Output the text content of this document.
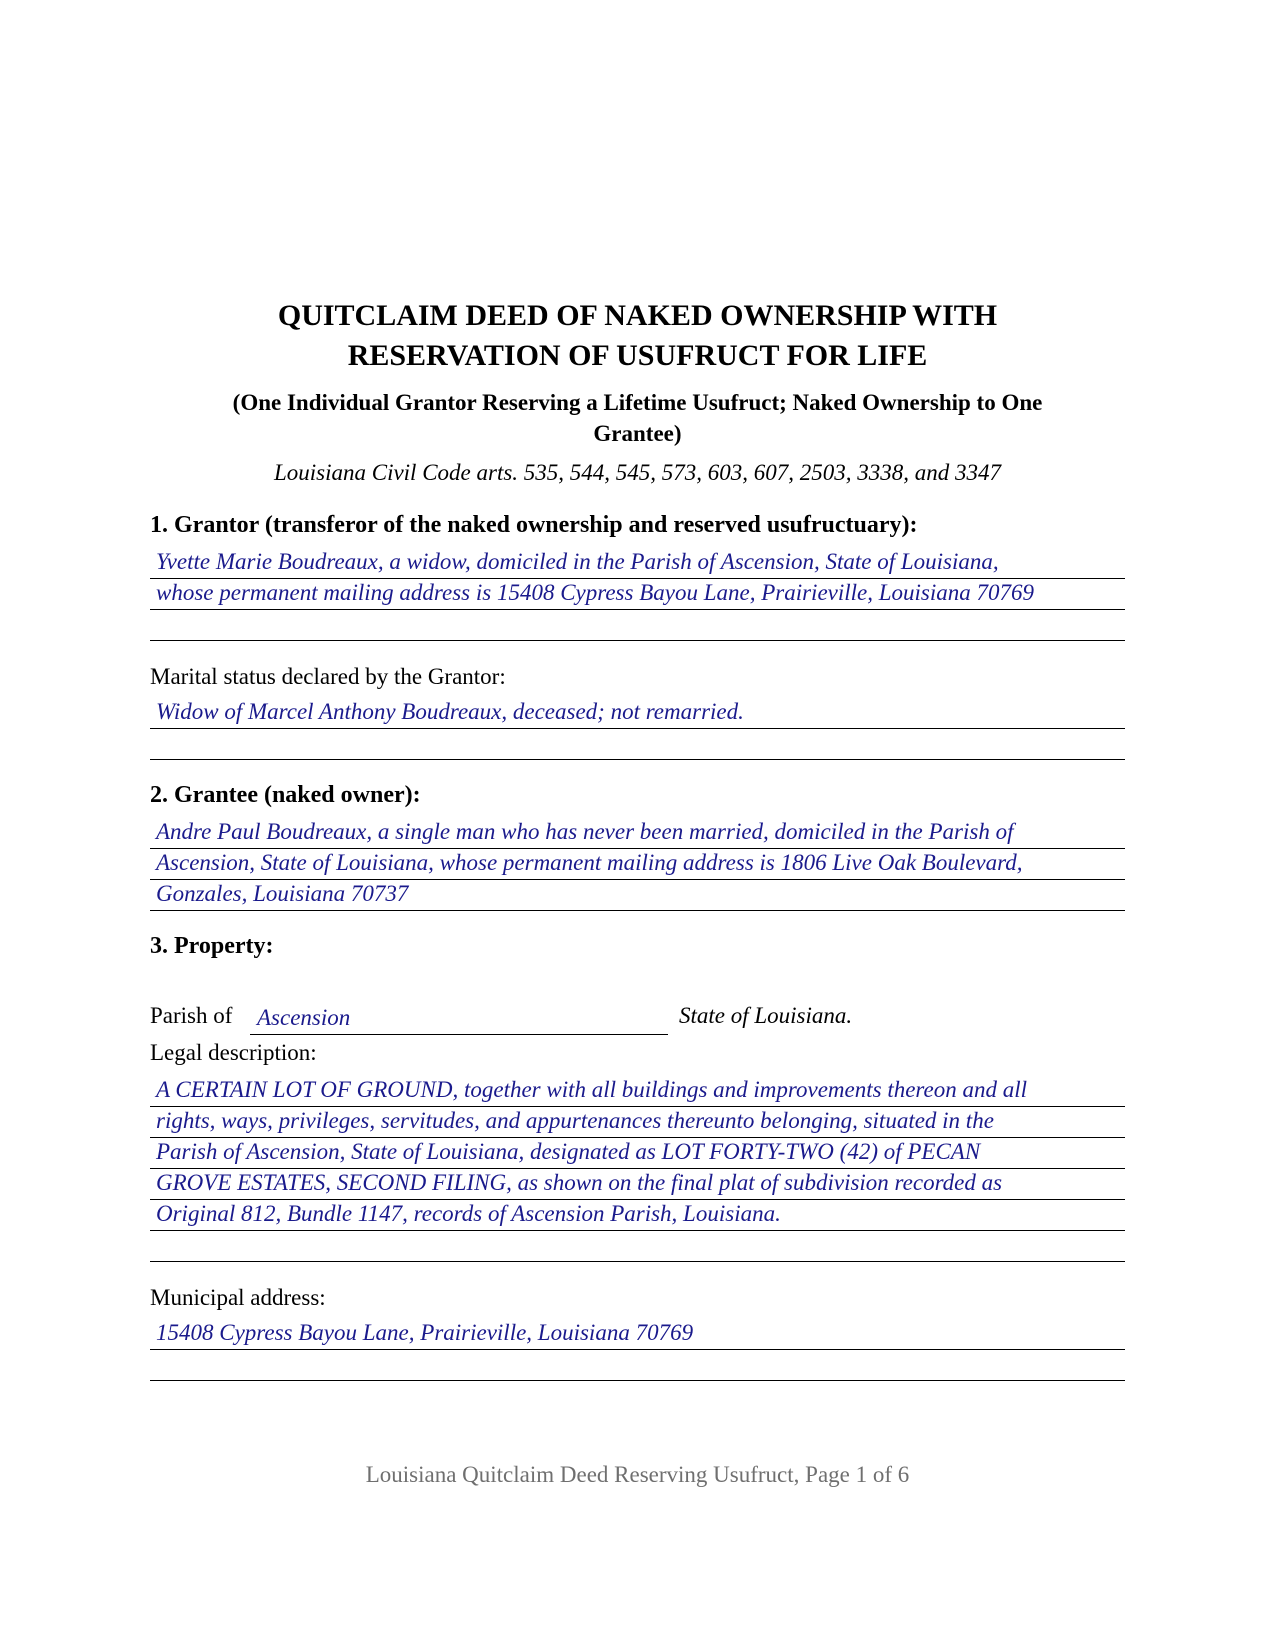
QUITCLAIM DEED OF NAKED OWNERSHIP WITH
RESERVATION OF USUFRUCT FOR LIFE

(One Individual Grantor Reserving a Lifetime Usufruct; Naked Ownership to One
Grantee)

Louisiana Civil Code arts. 535, 544, 545, 573, 603, 607, 2503, 3338, and 3347

1. Grantor (transferor of the naked ownership and reserved usufructuary):

Yvette Marie Boudreaux, a widow, domiciled in the Parish of Ascension, State of Louisiana,
whose permanent mailing address is 15408 Cypress Bayou Lane, Prairieville, Louisiana 70769

Marital status declared by the Grantor:

Widow of Marcel Anthony Boudreaux, deceased; not remarried.

2. Grantee (naked owner):

Andre Paul Boudreaux, a single man who has never been married, domiciled in the Parish of
Ascension, State of Louisiana, whose permanent mailing address is 1806 Live Oak Boulevard,
Gonzales, Louisiana 70737

3. Property:

Parish of Ascension	State of Louisiana.

Legal description:

A CERTAIN LOT OF GROUND, together with all buildings and improvements thereon and all
rights, ways, privileges, servitudes, and appurtenances thereunto belonging, situated in the
Parish of Ascension, State of Louisiana, designated as LOT FORTY-TWO (42) of PECAN
GROVE ESTATES, SECOND FILING, as shown on the final plat of subdivision recorded as
Original 812, Bundle 1147, records of Ascension Parish, Louisiana.

Municipal address:

15408 Cypress Bayou Lane, Prairieville, Louisiana 70769
Louisiana Quitclaim Deed Reserving Usufruct, Page 1 of 6
